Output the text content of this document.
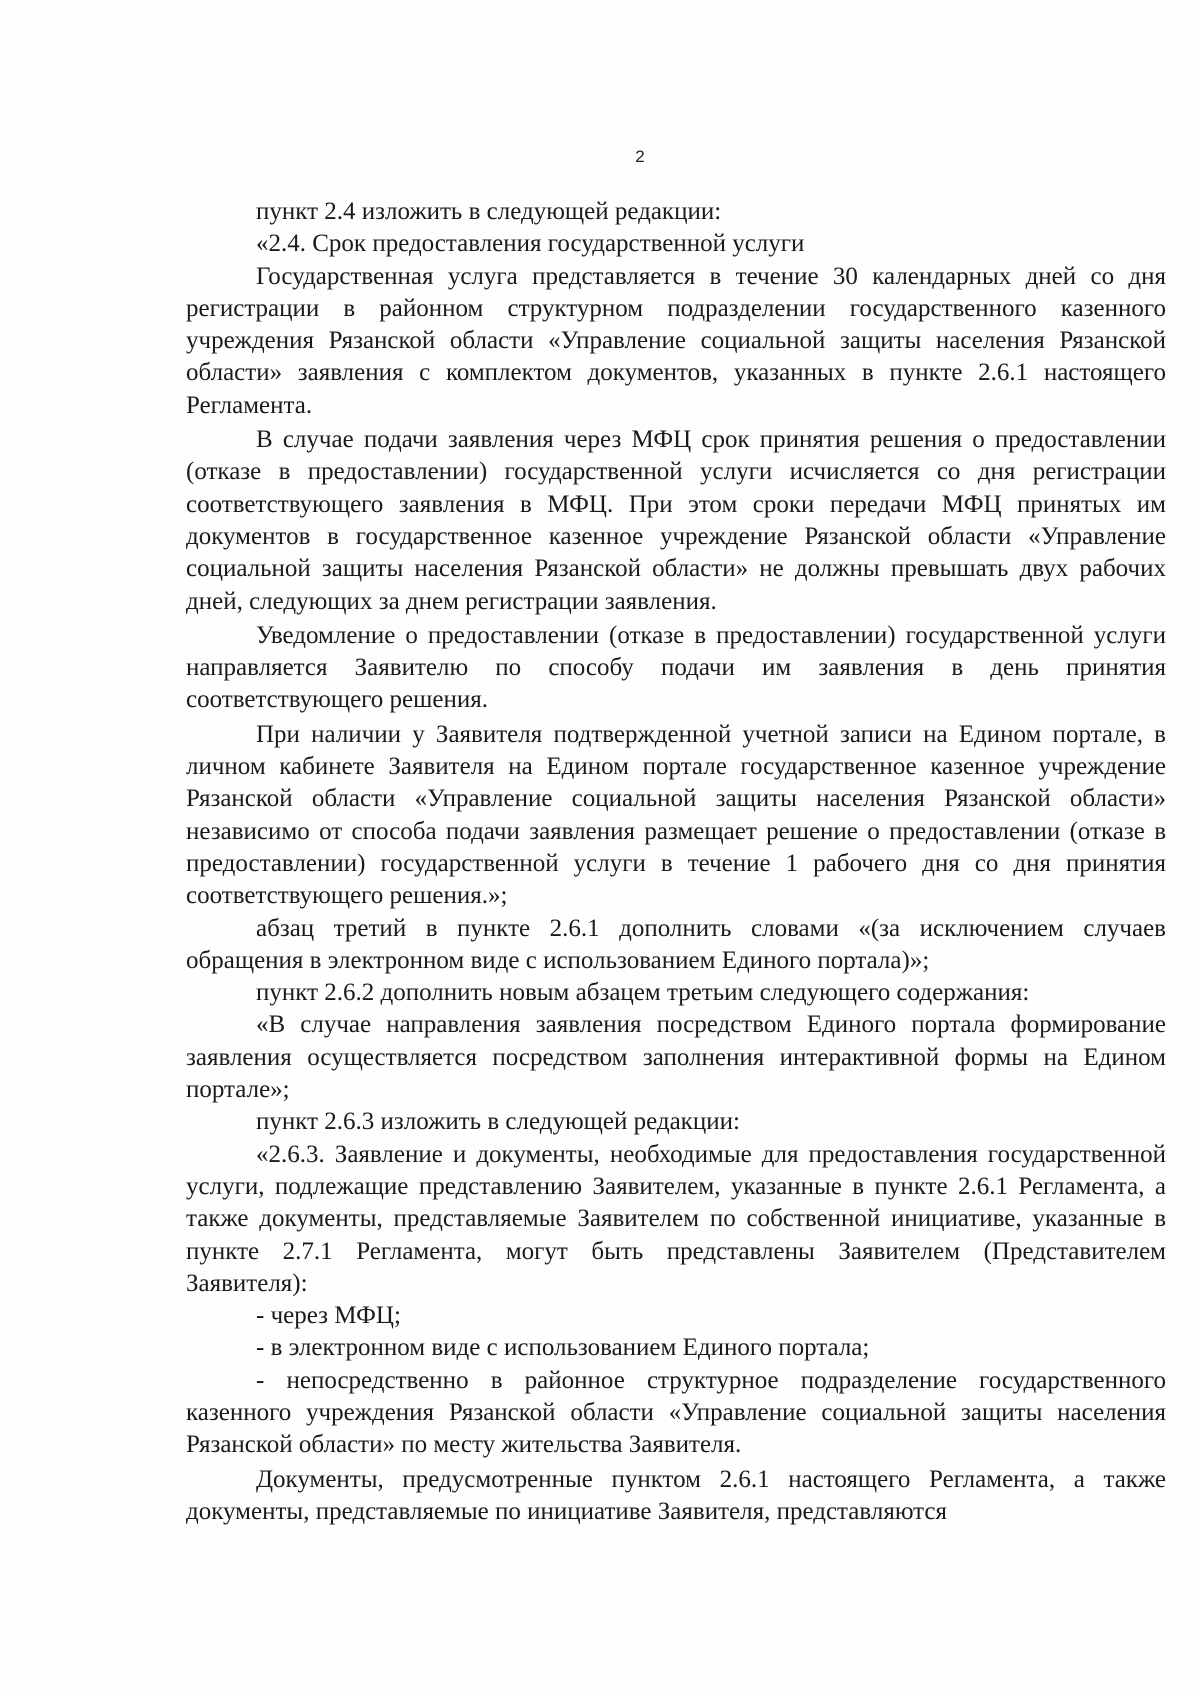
2

пункт 2.4 изложить в следующей редакции:

«2.4. Срок предоставления государственной услуги

Государственная услуга представляется в течение 30 календарных дней со дня регистрации в районном структурном подразделении государственного казенного учреждения Рязанской области «Управление социальной защиты населения Рязанской области» заявления с комплектом документов, указанных в пункте 2.6.1 настоящего Регламента.

В случае подачи заявления через МФЦ срок принятия решения о предоставлении (отказе в предоставлении) государственной услуги исчисляется со дня регистрации соответствующего заявления в МФЦ. При этом сроки передачи МФЦ принятых им документов в государственное казенное учреждение Рязанской области «Управление социальной защиты населения Рязанской области» не должны превышать двух рабочих дней, следующих за днем регистрации заявления.

Уведомление о предоставлении (отказе в предоставлении) государственной услуги направляется Заявителю по способу подачи им заявления в день принятия соответствующего решения.

При наличии у Заявителя подтвержденной учетной записи на Едином портале, в личном кабинете Заявителя на Едином портале государственное казенное учреждение Рязанской области «Управление социальной защиты населения Рязанской области» независимо от способа подачи заявления размещает решение о предоставлении (отказе в предоставлении) государственной услуги в течение 1 рабочего дня со дня принятия соответствующего решения.»;

абзац третий в пункте 2.6.1 дополнить словами «(за исключением случаев обращения в электронном виде с использованием Единого портала)»;

пункт 2.6.2 дополнить новым абзацем третьим следующего содержания:

«В случае направления заявления посредством Единого портала формирование заявления осуществляется посредством заполнения интерактивной формы на Едином портале»;

пункт 2.6.3 изложить в следующей редакции:

«2.6.3. Заявление и документы, необходимые для предоставления государственной услуги, подлежащие представлению Заявителем, указанные в пункте 2.6.1 Регламента, а также документы, представляемые Заявителем по собственной инициативе, указанные в пункте 2.7.1 Регламента, могут быть представлены Заявителем (Представителем Заявителя):

- через МФЦ;

- в электронном виде с использованием Единого портала;

- непосредственно в районное структурное подразделение государственного казенного учреждения Рязанской области «Управление социальной защиты населения Рязанской области» по месту жительства Заявителя.

Документы, предусмотренные пунктом 2.6.1 настоящего Регламента, а также документы, представляемые по инициативе Заявителя, представляются
